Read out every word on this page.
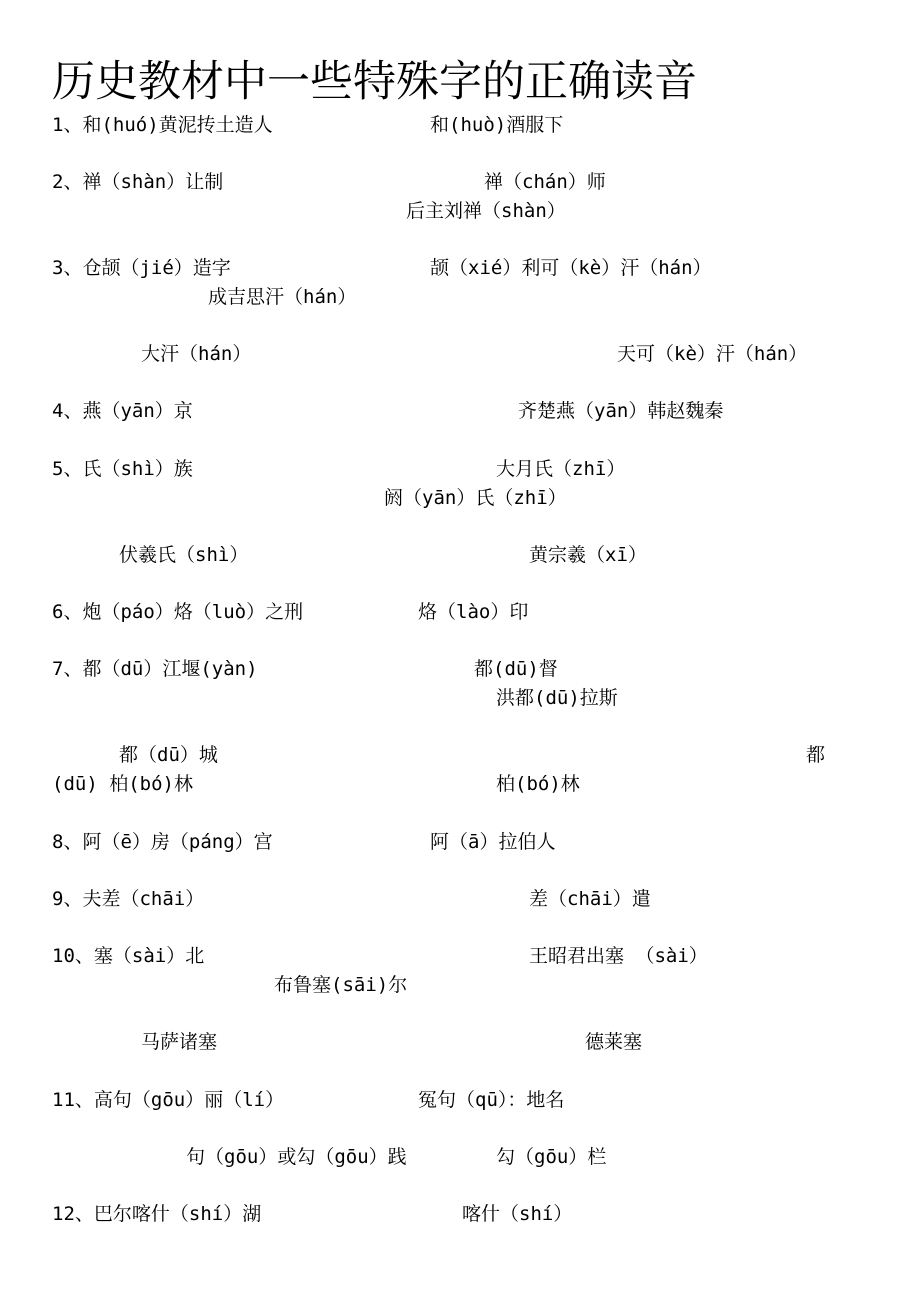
历史教材中一些特殊字的正确读音
1、和(huó)黄泥抟土造人	和(huò)酒服下
2、禅（shàn）让制	禅（chán）师
后主刘禅（shàn）
3、仓颉（jié）造字	颉（xié）利可（kè）汗（hán）
成吉思汗（hán）
大汗（hán）	天可（kè）汗（hán）
4、燕（yān）京	齐楚燕（yān）韩赵魏秦
5、氏（shì）族	大月氏（zhī）
阏（yān）氏（zhī）
伏羲氏（shì）	黄宗羲（xī）
6、炮（páo）烙（luò）之刑	烙（lào）印
7、都（dū）江堰(yàn)	都(dū)督
洪都(dū)拉斯
都（dū）城	都
(dū) 柏(bó)林	柏(bó)林
8、阿（ē）房（páng）宫	阿（ā）拉伯人
9、夫差（chāi）	差（chāi）遣
10、塞（sài）北	王昭君出塞 （sài）
布鲁塞(sāi)尔
马萨诸塞	德莱塞
11、高句（gōu）丽（lí）	冤句（qū）：地名
句（gōu）或勾（gōu）践	勾（gōu）栏
12、巴尔喀什（shí）湖	喀什（shí）
